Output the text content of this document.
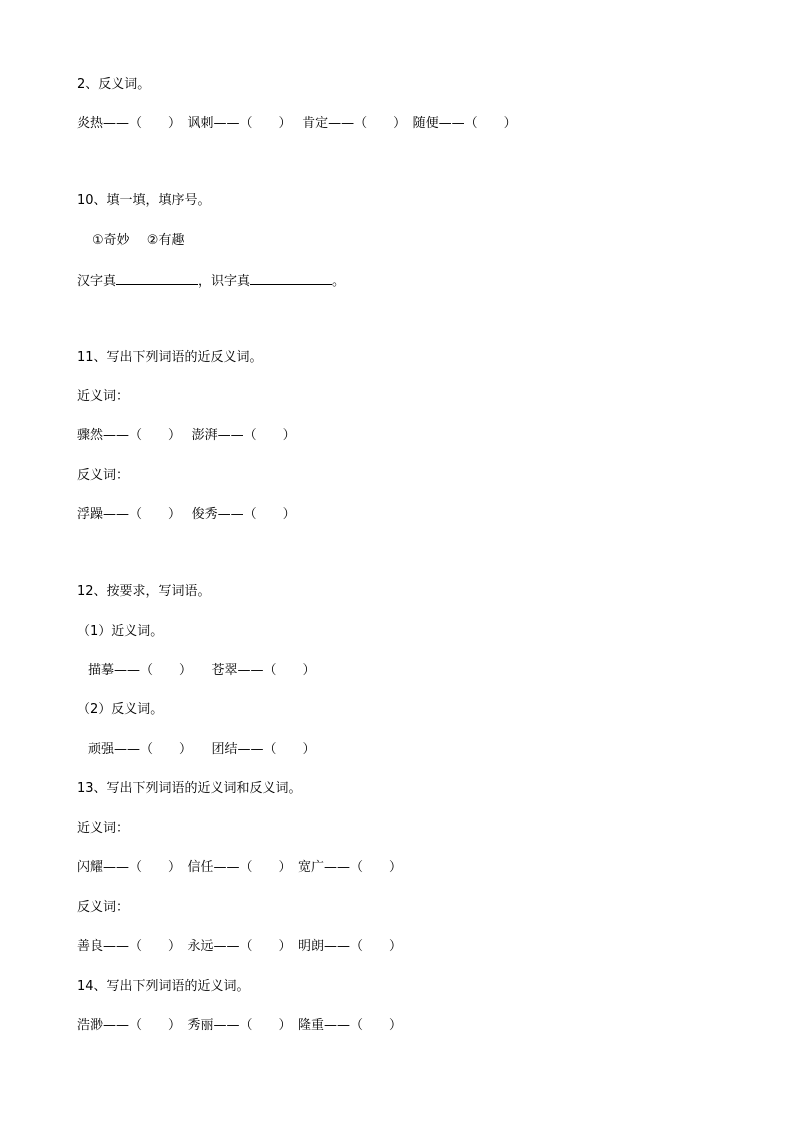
2、反义词。
炎热——（　　）　讽刺——（　　）　 肯定——（　　）　随便——（　　）
10、填一填，填序号。
①奇妙　 ②有趣
汉字真	，识字真	。
11、写出下列词语的近反义词。
近义词：
骤然——（　　）　 澎湃——（　　）
反义词：
浮躁——（　　）　 俊秀——（　　）
12、按要求，写词语。
（1）近义词。
描摹——（　　）　　苍翠——（　　）
（2）反义词。
顽强——（　　）　　团结——（　　）
13、写出下列词语的近义词和反义词。
近义词：
闪耀——（　　）　信任——（　　）　宽广——（　　）
反义词：
善良——（　　）　永远——（　　）　明朗——（　　）
14、写出下列词语的近义词。
浩渺——（　　）　秀丽——（　　）　隆重——（　　）
